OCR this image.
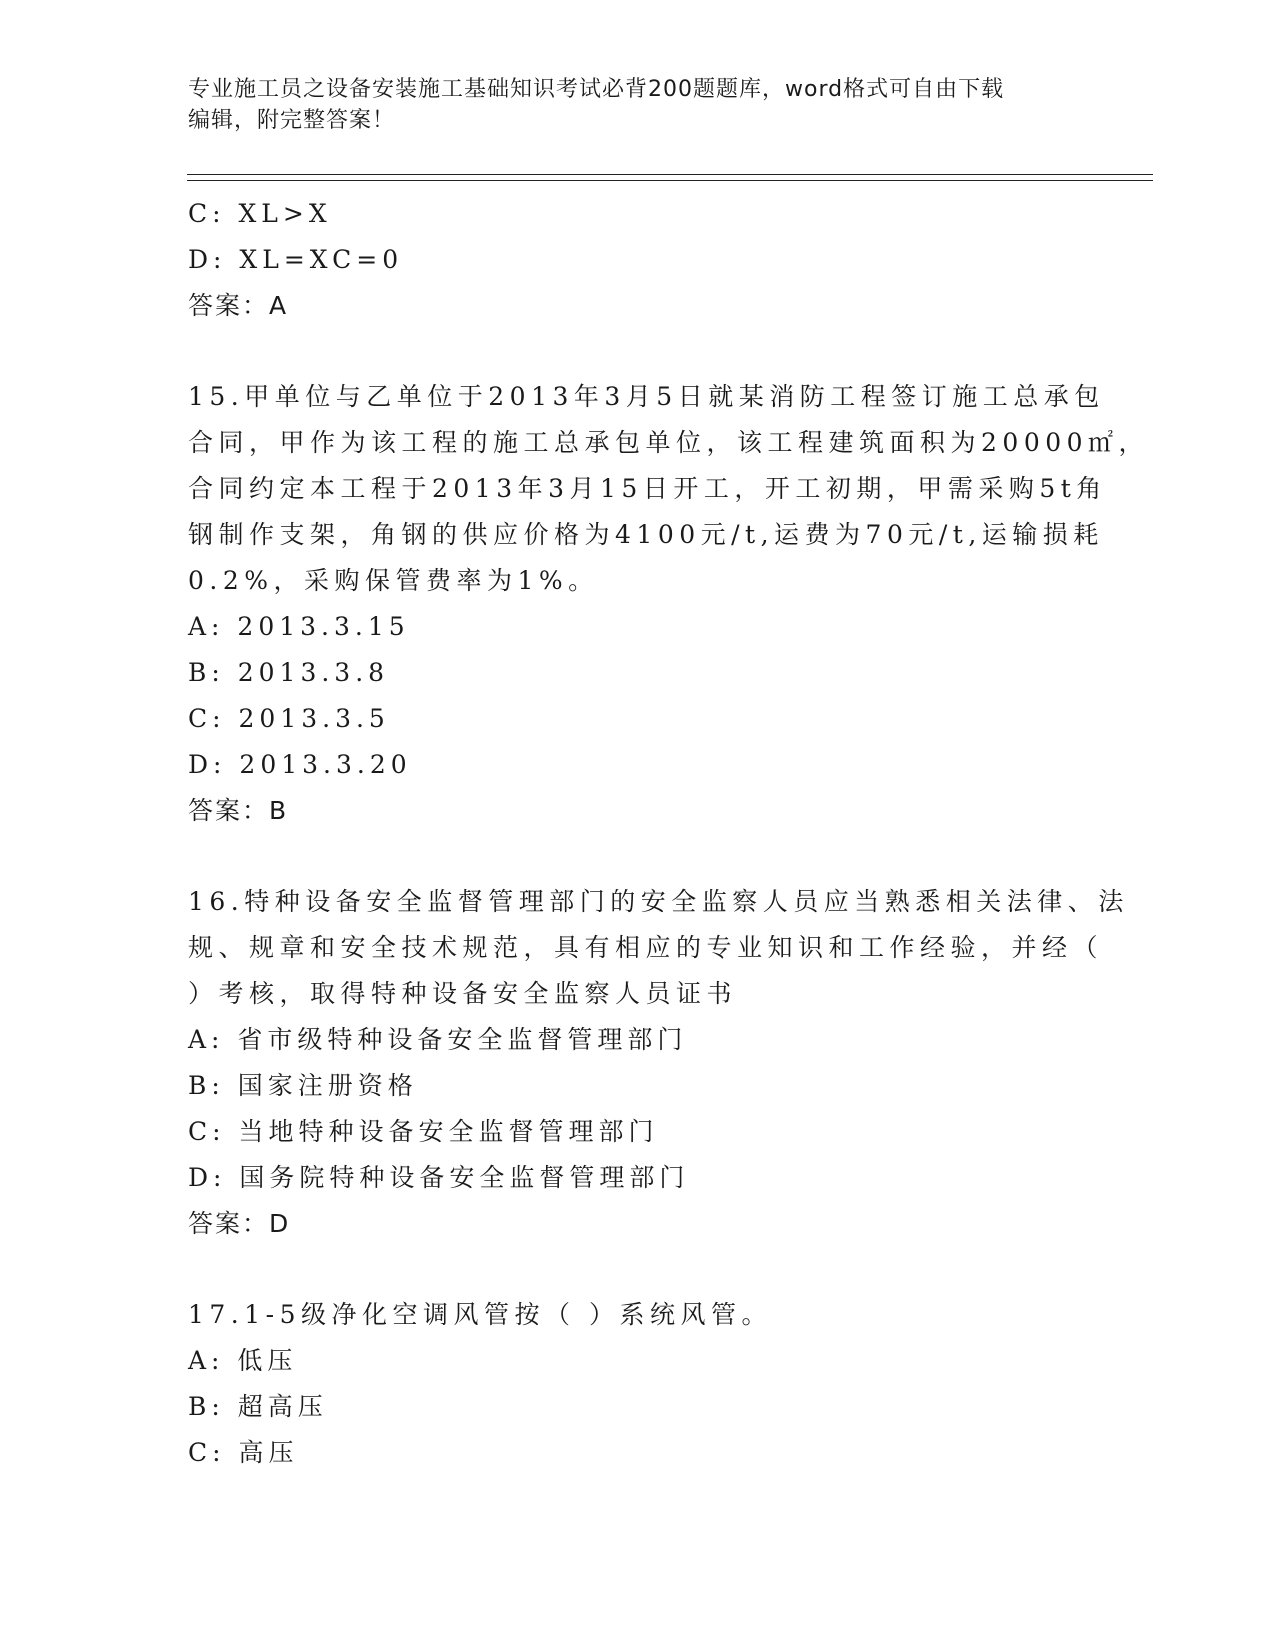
专业施工员之设备安装施工基础知识考试必背200题题库，word格式可自由下载
编辑，附完整答案！
C: XL>X
D: XL=XC=0
答案：A
15.甲单位与乙单位于2013年3月5日就某消防工程签订施工总承包
合同，甲作为该工程的施工总承包单位，该工程建筑面积为20000㎡，
合同约定本工程于2013年3月15日开工，开工初期，甲需采购5t角
钢制作支架，角钢的供应价格为4100元/t,运费为70元/t,运输损耗
0.2%，采购保管费率为1%。
A: 2013.3.15
B: 2013.3.8
C: 2013.3.5
D: 2013.3.20
答案：B
16.特种设备安全监督管理部门的安全监察人员应当熟悉相关法律、法
规、规章和安全技术规范，具有相应的专业知识和工作经验，并经（
）考核，取得特种设备安全监察人员证书
A: 省市级特种设备安全监督管理部门
B: 国家注册资格
C: 当地特种设备安全监督管理部门
D: 国务院特种设备安全监督管理部门
答案：D
17.1-5级净化空调风管按（ ）系统风管。
A: 低压
B: 超高压
C: 高压
